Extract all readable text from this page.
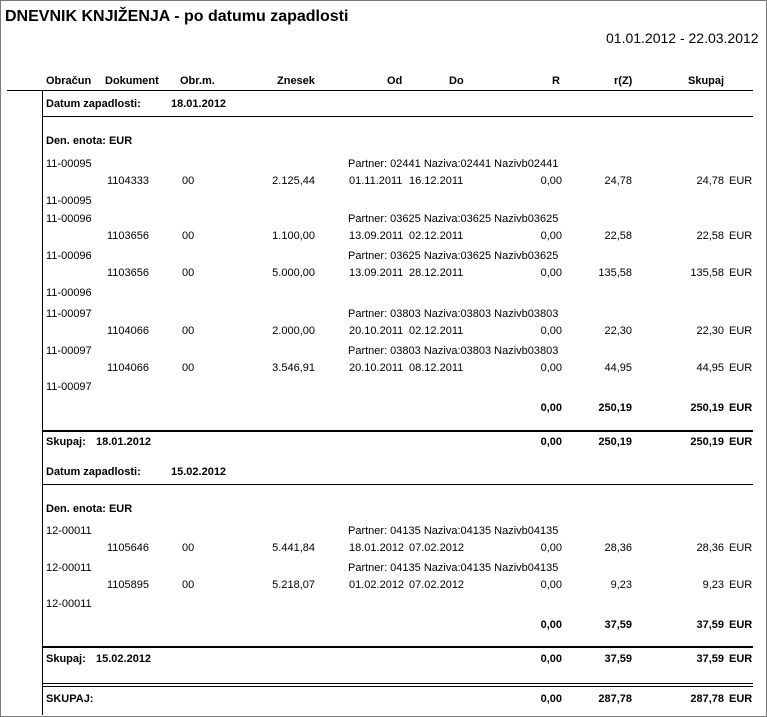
DNEVNIK KNJIŽENJA - po datumu zapadlosti
01.01.2012 - 22.03.2012
Obračun Dokument Obr.m.	Znesek	Od	Do	R	r(Z)	Skupaj
Datum zapadlosti:	18.01.2012
Den. enota: EUR
11-00095	Partner: 02441 Naziva:02441 Nazivb02441
1104333	00	2.125,44	01.11.2011 16.12.2011	0,00	24,78	24,78 EUR
11-00095
11-00096	Partner: 03625 Naziva:03625 Nazivb03625
1103656	00	1.100,00	13.09.2011 02.12.2011	0,00	22,58	22,58 EUR
11-00096	Partner: 03625 Naziva:03625 Nazivb03625
1103656	00	5.000,00	13.09.2011 28.12.2011	0,00	135,58	135,58 EUR
11-00096
11-00097	Partner: 03803 Naziva:03803 Nazivb03803
1104066	00	2.000,00	20.10.2011 02.12.2011	0,00	22,30	22,30 EUR
11-00097	Partner: 03803 Naziva:03803 Nazivb03803
1104066	00	3.546,91	20.10.2011 08.12.2011	0,00	44,95	44,95 EUR
11-00097
0,00	250,19	250,19 EUR
Skupaj: 18.01.2012	0,00	250,19	250,19 EUR
Datum zapadlosti:	15.02.2012
Den. enota: EUR
12-00011	Partner: 04135 Naziva:04135 Nazivb04135
1105646	00	5.441,84	18.01.2012 07.02.2012	0,00	28,36	28,36 EUR
12-00011	Partner: 04135 Naziva:04135 Nazivb04135
1105895	00	5.218,07	01.02.2012 07.02.2012	0,00	9,23	9,23 EUR
12-00011
0,00	37,59	37,59 EUR
Skupaj: 15.02.2012	0,00	37,59	37,59 EUR
SKUPAJ:	0,00	287,78	287,78 EUR
